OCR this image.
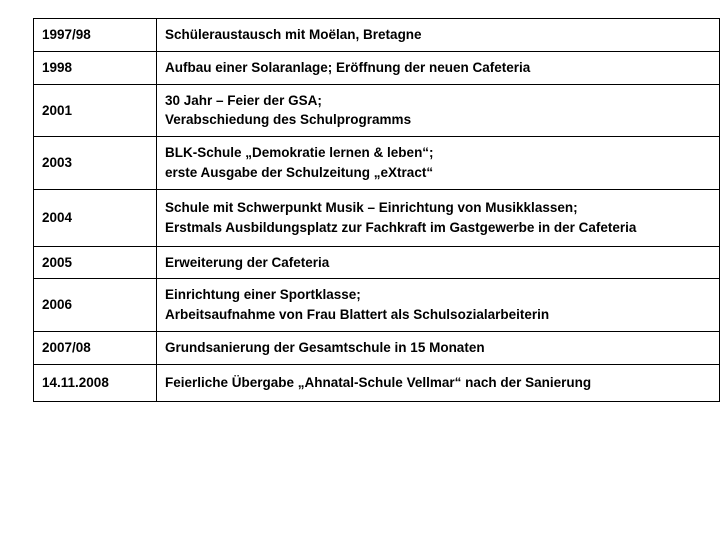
1997/98	Schüleraustausch mit Moëlan, Bretagne

1998	Aufbau einer Solaranlage; Eröffnung der neuen Cafeteria

2001	30 Jahr – Feier der GSA;
Verabschiedung des Schulprogramms

2003	BLK-Schule „Demokratie lernen & leben“;
erste Ausgabe der Schulzeitung „eXtract“

2004	Schule mit Schwerpunkt Musik – Einrichtung von Musikklassen;
Erstmals Ausbildungsplatz zur Fachkraft im Gastgewerbe in der Cafeteria

2005	Erweiterung der Cafeteria

2006	Einrichtung einer Sportklasse;
Arbeitsaufnahme von Frau Blattert als Schulsozialarbeiterin

2007/08	Grundsanierung der Gesamtschule in 15 Monaten

14.11.2008	Feierliche Übergabe „Ahnatal-Schule Vellmar“ nach der Sanierung
